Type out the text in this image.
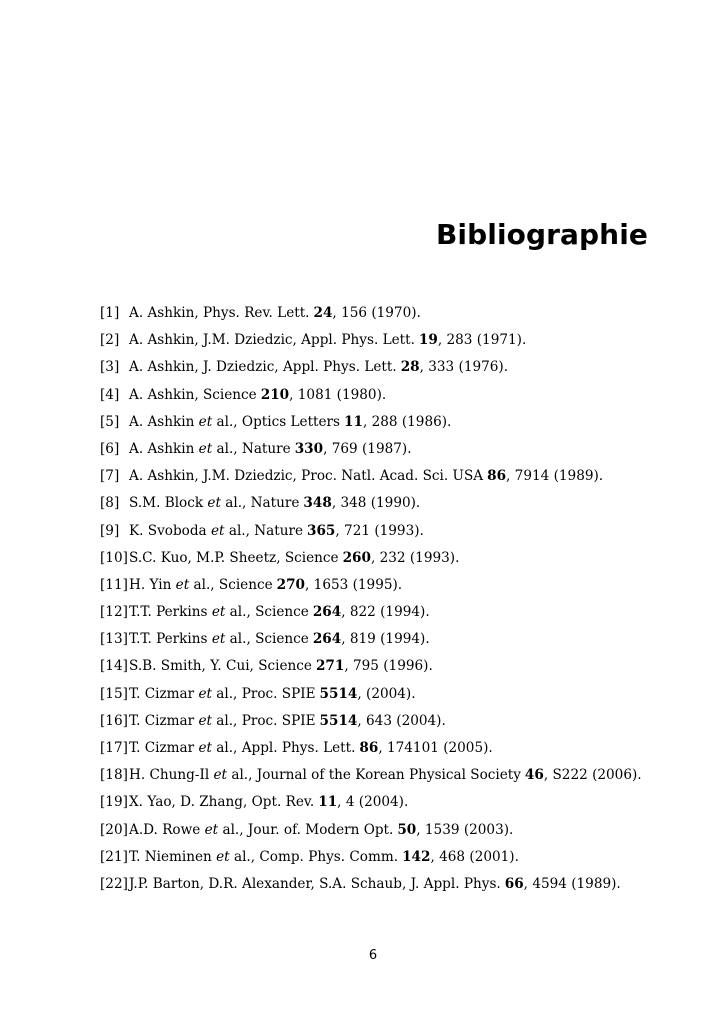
Bibliographie
[1] A. Ashkin, Phys. Rev. Lett. 24, 156 (1970).
[2] A. Ashkin, J.M. Dziedzic, Appl. Phys. Lett. 19, 283 (1971).
[3] A. Ashkin, J. Dziedzic, Appl. Phys. Lett. 28, 333 (1976).
[4] A. Ashkin, Science 210, 1081 (1980).
[5] A. Ashkin et al., Optics Letters 11, 288 (1986).
[6] A. Ashkin et al., Nature 330, 769 (1987).
[7] A. Ashkin, J.M. Dziedzic, Proc. Natl. Acad. Sci. USA 86, 7914 (1989).
[8] S.M. Block et al., Nature 348, 348 (1990).
[9] K. Svoboda et al., Nature 365, 721 (1993).
[10] S.C. Kuo, M.P. Sheetz, Science 260, 232 (1993).
[11] H. Yin et al., Science 270, 1653 (1995).
[12] T.T. Perkins et al., Science 264, 822 (1994).
[13] T.T. Perkins et al., Science 264, 819 (1994).
[14] S.B. Smith, Y. Cui, Science 271, 795 (1996).
[15] T. Cizmar et al., Proc. SPIE 5514, (2004).
[16] T. Cizmar et al., Proc. SPIE 5514, 643 (2004).
[17] T. Cizmar et al., Appl. Phys. Lett. 86, 174101 (2005).
[18] H. Chung-Il et al., Journal of the Korean Physical Society 46, S222 (2006).
[19] X. Yao, D. Zhang, Opt. Rev. 11, 4 (2004).
[20] A.D. Rowe et al., Jour. of. Modern Opt. 50, 1539 (2003).
[21] T. Nieminen et al., Comp. Phys. Comm. 142, 468 (2001).
[22] J.P. Barton, D.R. Alexander, S.A. Schaub, J. Appl. Phys. 66, 4594 (1989).
6
